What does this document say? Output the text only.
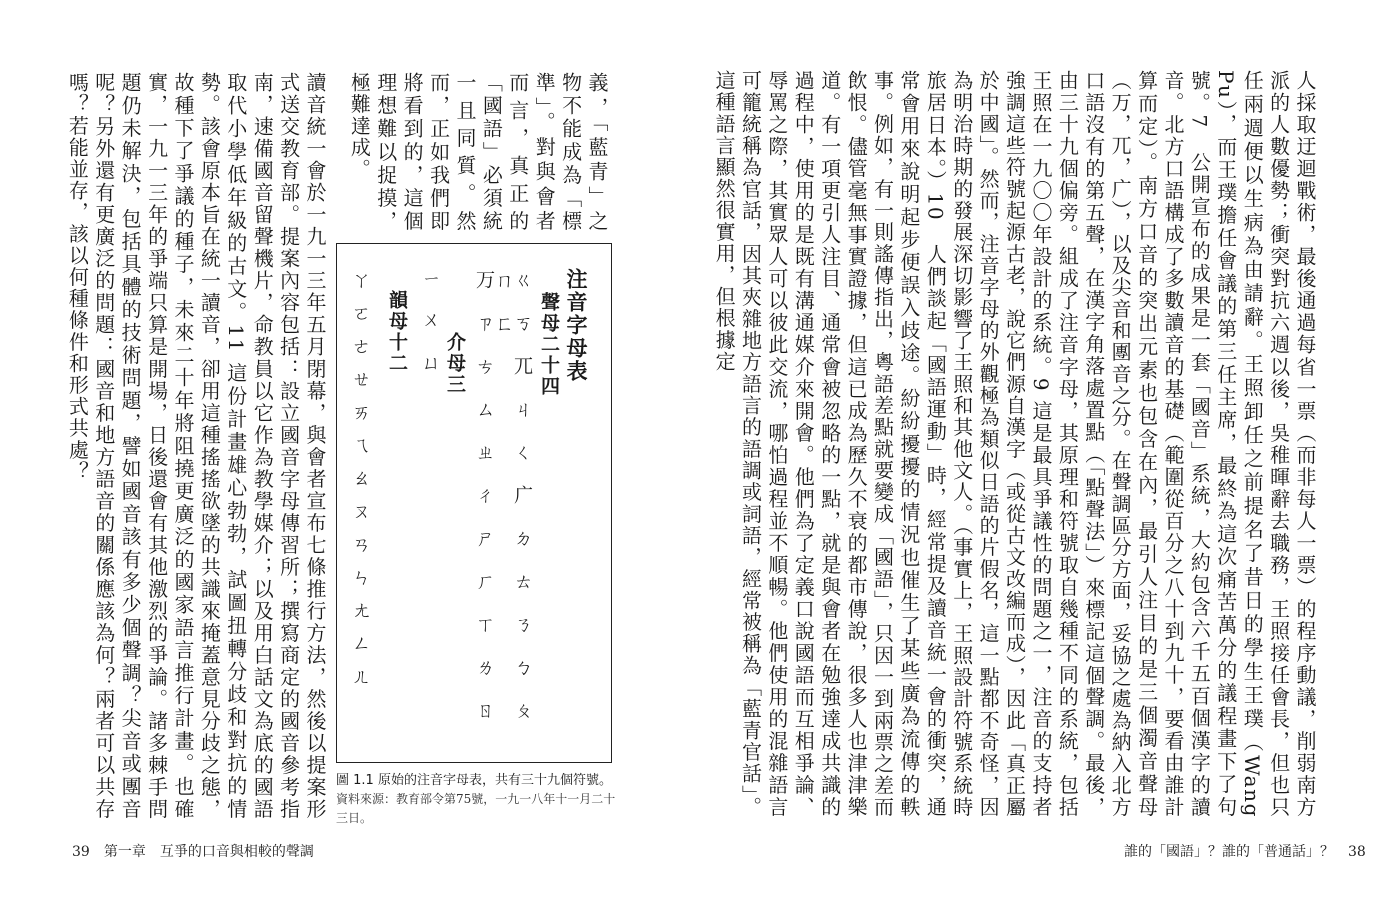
人採取迂迴戰術，最後通過每省一票（而非每人一票）的程序動議，削弱南方派的人數優勢；衝突對抗六週以後，吳稚暉辭去職務，王照接任會長，但也只任兩週便以生病為由請辭。王照卸任之前提名了昔日的學生王璞（Wang Pu），而王璞擔任會議的第三任主席，最終為這次痛苦萬分的議程畫下了句號。7　公開宣布的成果是一套「國音」系統，大約包含六千五百個漢字的讀音。北方口語構成了多數讀音的基礎（範圍從百分之八十到九十，要看由誰計算而定）。南方口音的突出元素也包含在內，最引人注目的是三個濁音聲母（万，兀，广），以及尖音和團音之分。在聲調區分方面，妥協之處為納入北方口語沒有的第五聲，在漢字角落處置點（「點聲法」）來標記這個聲調。最後，由三十九個偏旁。組成了注音字母，其原理和符號取自幾種不同的系統，包括王照在一九〇〇年設計的系統。9 這是最具爭議性的問題之一，注音的支持者強調這些符號起源古老，說它們源自漢字（或從古文改編而成），因此「真正屬於中國」。然而，注音字母的外觀極為類似日語的片假名，這一點都不奇怪，因為明治時期的發展深切影響了王照和其他文人。（事實上，王照設計符號系統時旅居日本。）10　人們談起「國語運動」時，經常提及讀音統一會的衝突，通常會用來說明起步便誤入歧途。紛紛擾擾的情況也催生了某些廣為流傳的軼事。例如，有一則謠傳指出，粵語差點就要變成「國語」，只因一到兩票之差而飲恨。儘管毫無事實證據，但這已成為歷久不衰的都市傳說，很多人也津津樂道。有一項更引人注目、通常會被忽略的一點，就是與會者在勉強達成共識的過程中，使用的是既有溝通媒介來開會。他們為了定義口說國語而互相爭論、辱罵之際，其實眾人可以彼此交流，哪怕過程並不順暢。他們使用的混雜語言可籠統稱為官話，因其夾雜地方語言的語調或詞語，經常被稱為「藍青官話」。這種語言顯然很實用，但根據定
誰的「國語」？誰的「普通話」？　38
義，「藍青」之物不能成為「標準」。對與會者而言，真正的「國語」必須統一且同質。然而，正如我們即將看到的，這個理想難以捉摸，極難達成。
注音字母表
聲母二十四
ㄍㄎㄫㄐㄑㄬㄉㄊㄋㄅㄆㄇㄈ
ㄪㄗㄘㄙㄓㄔㄕㄏㄒㄌㄖ
介母三
ㄧㄨㄩ
韻母十二
ㄚㄛㄜㄝㄞㄟㄠㄡㄢㄣㄤㄥㄦ
圖 1.1 原始的注音字母表，共有三十九個符號。
資料來源：教育部令第75號，一九一八年十一月二十三日。
讀音統一會於一九一三年五月閉幕，與會者宣布七條推行方法，然後以提案形式送交教育部。提案內容包括：設立國音字母傳習所；撰寫商定的國音參考指南，速備國音留聲機片，命教員以它作為教學媒介；以及用白話文為底的國語取代小學低年級的古文。11 這份計畫雄心勃勃，試圖扭轉分歧和對抗的情勢。該會原本旨在統一讀音，卻用這種搖搖欲墜的共識來掩蓋意見分歧之態，故種下了爭議的種子，未來二十年將阻撓更廣泛的國家語言推行計畫。也確實，一九一三年的爭端只算是開場，日後還會有其他激烈的爭論。諸多棘手問題仍未解決，包括具體的技術問題，譬如國音該有多少個聲調？尖音或團音呢？另外還有更廣泛的問題：國音和地方語音的關係應該為何？兩者可以共存嗎？若能並存，該以何種條件和形式共處？
39　第一章　互爭的口音與相較的聲調
